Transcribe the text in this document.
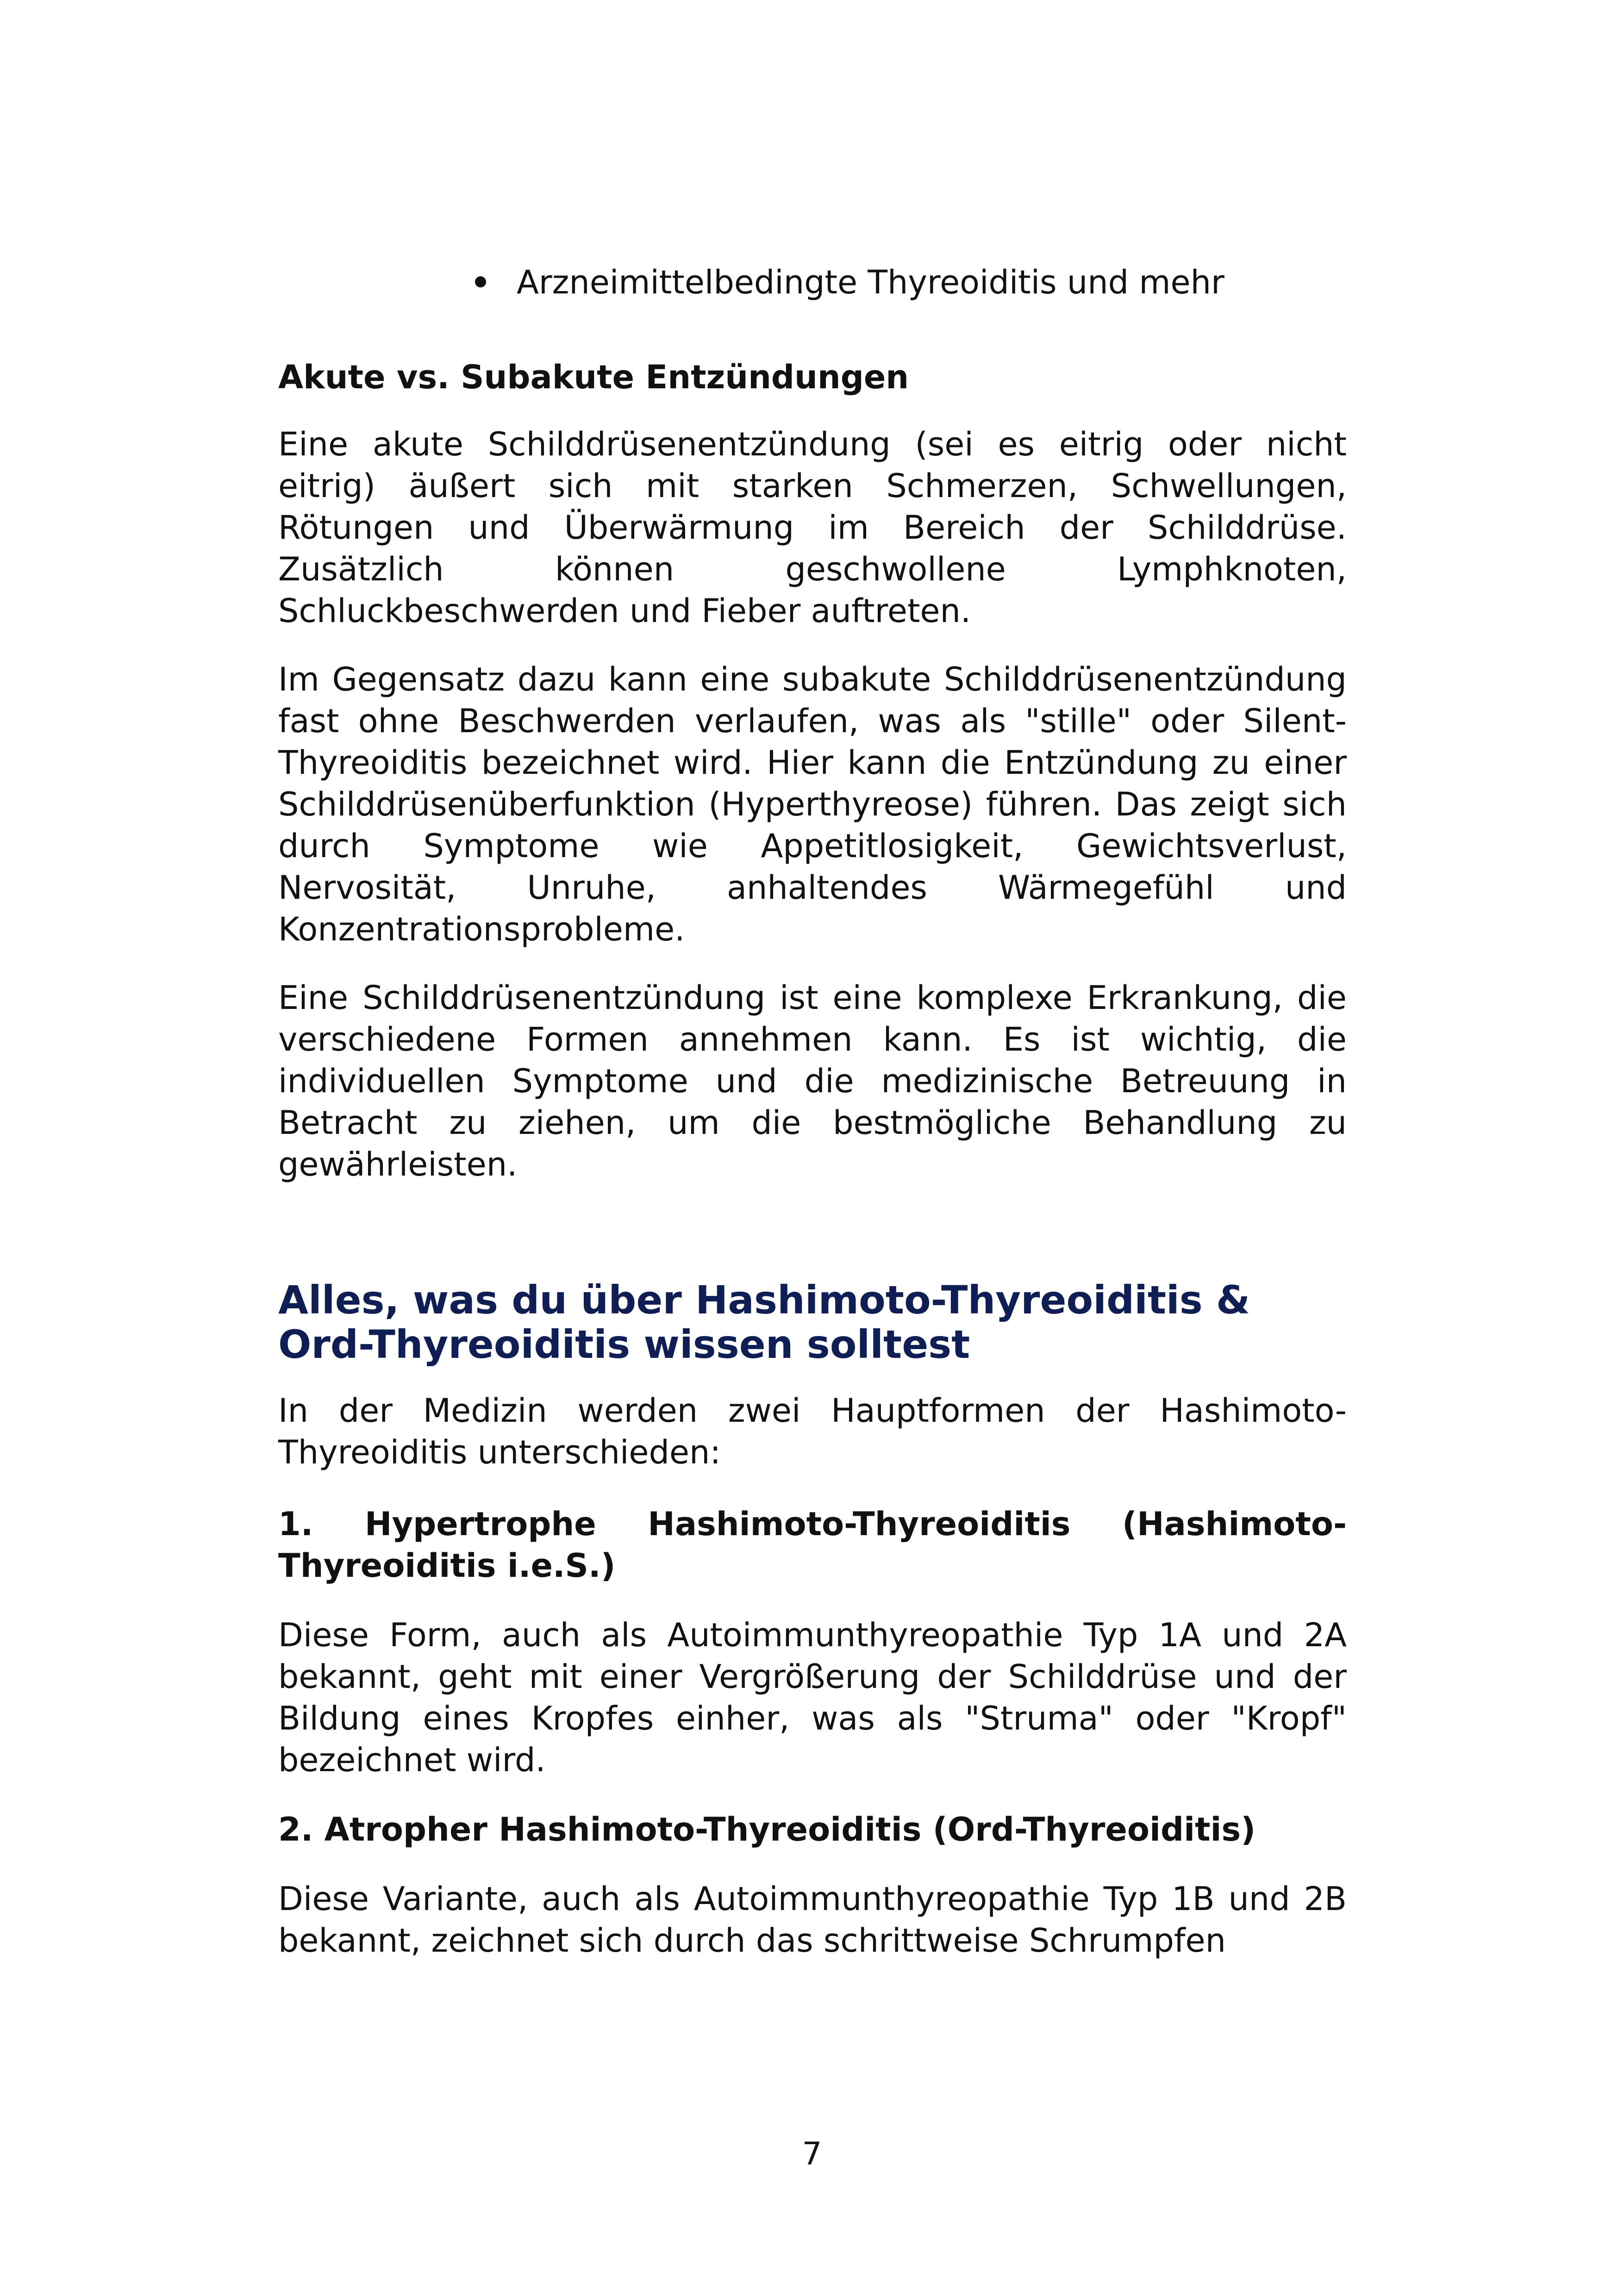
Arzneimittelbedingte Thyreoiditis und mehr
Akute vs. Subakute Entzündungen

Eine akute Schilddrüsenentzündung (sei es eitrig oder nicht eitrig) äußert sich mit starken Schmerzen, Schwellungen, Rötungen und Überwärmung im Bereich der Schilddrüse. Zusätzlich können geschwollene Lymphknoten, Schluckbeschwerden und Fieber auftreten.

Im Gegensatz dazu kann eine subakute Schilddrüsenentzündung fast ohne Beschwerden verlaufen, was als "stille" oder Silent-Thyreoiditis bezeichnet wird. Hier kann die Entzündung zu einer Schilddrüsenüberfunktion (Hyperthyreose) führen. Das zeigt sich durch Symptome wie Appetitlosigkeit, Gewichtsverlust, Nervosität, Unruhe, anhaltendes Wärmegefühl und Konzentrationsprobleme.

Eine Schilddrüsenentzündung ist eine komplexe Erkrankung, die verschiedene Formen annehmen kann. Es ist wichtig, die individuellen Symptome und die medizinische Betreuung in Betracht zu ziehen, um die bestmögliche Behandlung zu gewährleisten.

Alles, was du über Hashimoto-Thyreoiditis & Ord-Thyreoiditis wissen solltest

In der Medizin werden zwei Hauptformen der Hashimoto-Thyreoiditis unterschieden:

1. Hypertrophe Hashimoto-Thyreoiditis (Hashimoto-Thyreoiditis i.e.S.)

Diese Form, auch als Autoimmunthyreopathie Typ 1A und 2A bekannt, geht mit einer Vergrößerung der Schilddrüse und der Bildung eines Kropfes einher, was als "Struma" oder "Kropf" bezeichnet wird.

2. Atropher Hashimoto-Thyreoiditis (Ord-Thyreoiditis)

Diese Variante, auch als Autoimmunthyreopathie Typ 1B und 2B bekannt, zeichnet sich durch das schrittweise Schrumpfen

7
